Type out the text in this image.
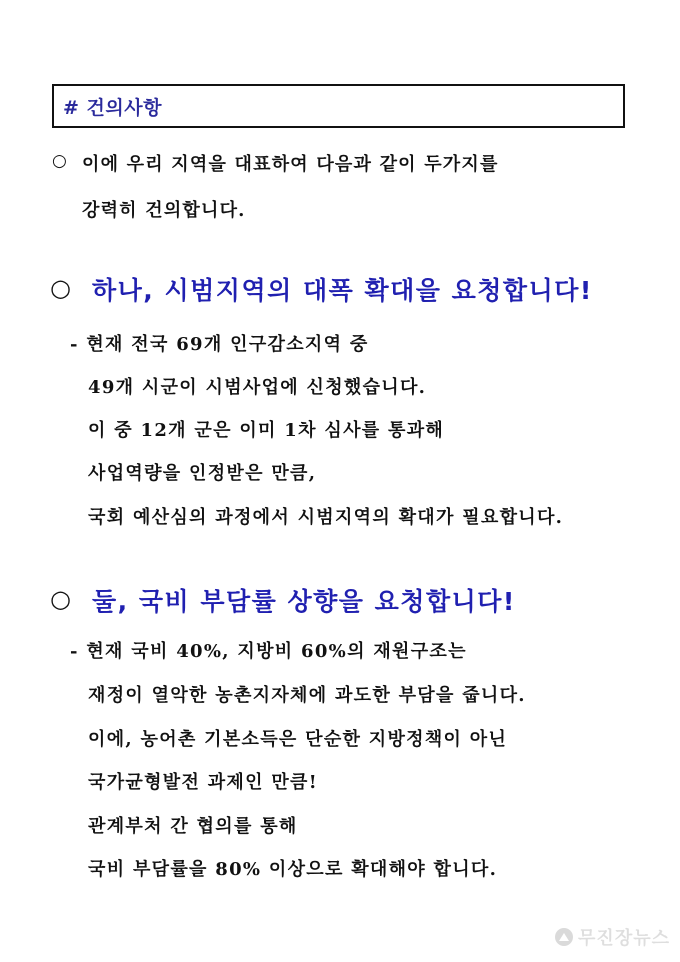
# 건의사항
○ 이에 우리 지역을 대표하여 다음과 같이 두가지를
강력히 건의합니다.
○ 하나, 시범지역의 대폭 확대을 요청합니다!
- 현재 전국 69개 인구감소지역 중
49개 시군이 시범사업에 신청했습니다.
이 중 12개 군은 이미 1차 심사를 통과해
사업역량을 인정받은 만큼,
국회 예산심의 과정에서 시범지역의 확대가 필요합니다.
○ 둘, 국비 부담률 상향을 요청합니다!
- 현재 국비 40%, 지방비 60%의 재원구조는
재정이 열악한 농촌지자체에 과도한 부담을 줍니다.
이에, 농어촌 기본소득은 단순한 지방정책이 아닌
국가균형발전 과제인 만큼!
관계부처 간 협의를 통해
국비 부담률을 80% 이상으로 확대해야 합니다.
무진장뉴스
